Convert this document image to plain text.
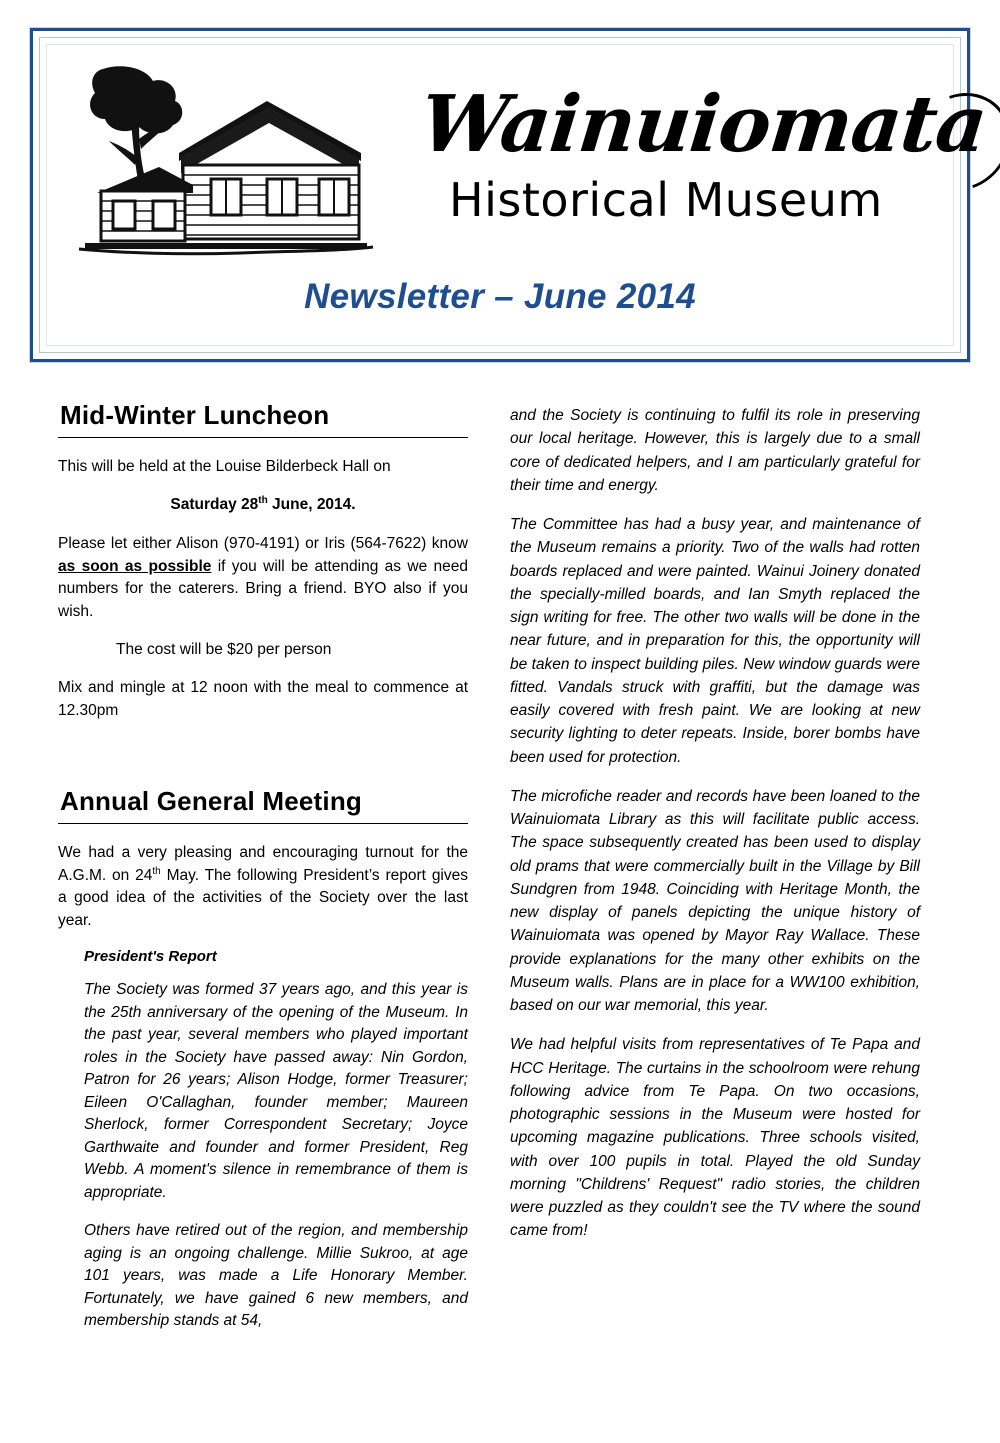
Wainuiomata
Historical Museum
Newsletter – June 2014
Mid-Winter Luncheon

This will be held at the Louise Bilderbeck Hall on

Saturday 28th June, 2014.

Please let either Alison (970-4191) or Iris (564-7622) know as soon as possible if you will be attending as we need numbers for the caterers. Bring a friend. BYO also if you wish.

The cost will be $20 per person

Mix and mingle at 12 noon with the meal to commence at 12.30pm

Annual General Meeting

We had a very pleasing and encouraging turnout for the A.G.M. on 24th May. The following President’s report gives a good idea of the activities of the Society over the last year.

President's Report

The Society was formed 37 years ago, and this year is the 25th anniversary of the opening of the Museum. In the past year, several members who played important roles in the Society have passed away: Nin Gordon, Patron for 26 years; Alison Hodge, former Treasurer; Eileen O'Callaghan, founder member; Maureen Sherlock, former Correspondent Secretary; Joyce Garthwaite and founder and former President, Reg Webb. A moment's silence in remembrance of them is appropriate.

Others have retired out of the region, and membership aging is an ongoing challenge. Millie Sukroo, at age 101 years, was made a Life Honorary Member. Fortunately, we have gained 6 new members, and membership stands at 54,

and the Society is continuing to fulfil its role in preserving our local heritage. However, this is largely due to a small core of dedicated helpers, and I am particularly grateful for their time and energy.

The Committee has had a busy year, and maintenance of the Museum remains a priority. Two of the walls had rotten boards replaced and were painted. Wainui Joinery donated the specially-milled boards, and Ian Smyth replaced the sign writing for free. The other two walls will be done in the near future, and in preparation for this, the opportunity will be taken to inspect building piles. New window guards were fitted. Vandals struck with graffiti, but the damage was easily covered with fresh paint. We are looking at new security lighting to deter repeats. Inside, borer bombs have been used for protection.

The microfiche reader and records have been loaned to the Wainuiomata Library as this will facilitate public access. The space subsequently created has been used to display old prams that were commercially built in the Village by Bill Sundgren from 1948. Coinciding with Heritage Month, the new display of panels depicting the unique history of Wainuiomata was opened by Mayor Ray Wallace. These provide explanations for the many other exhibits on the Museum walls. Plans are in place for a WW100 exhibition, based on our war memorial, this year.

We had helpful visits from representatives of Te Papa and HCC Heritage. The curtains in the schoolroom were rehung following advice from Te Papa. On two occasions, photographic sessions in the Museum were hosted for upcoming magazine publications. Three schools visited, with over 100 pupils in total. Played the old Sunday morning "Childrens' Request" radio stories, the children were puzzled as they couldn't see the TV where the sound came from!
